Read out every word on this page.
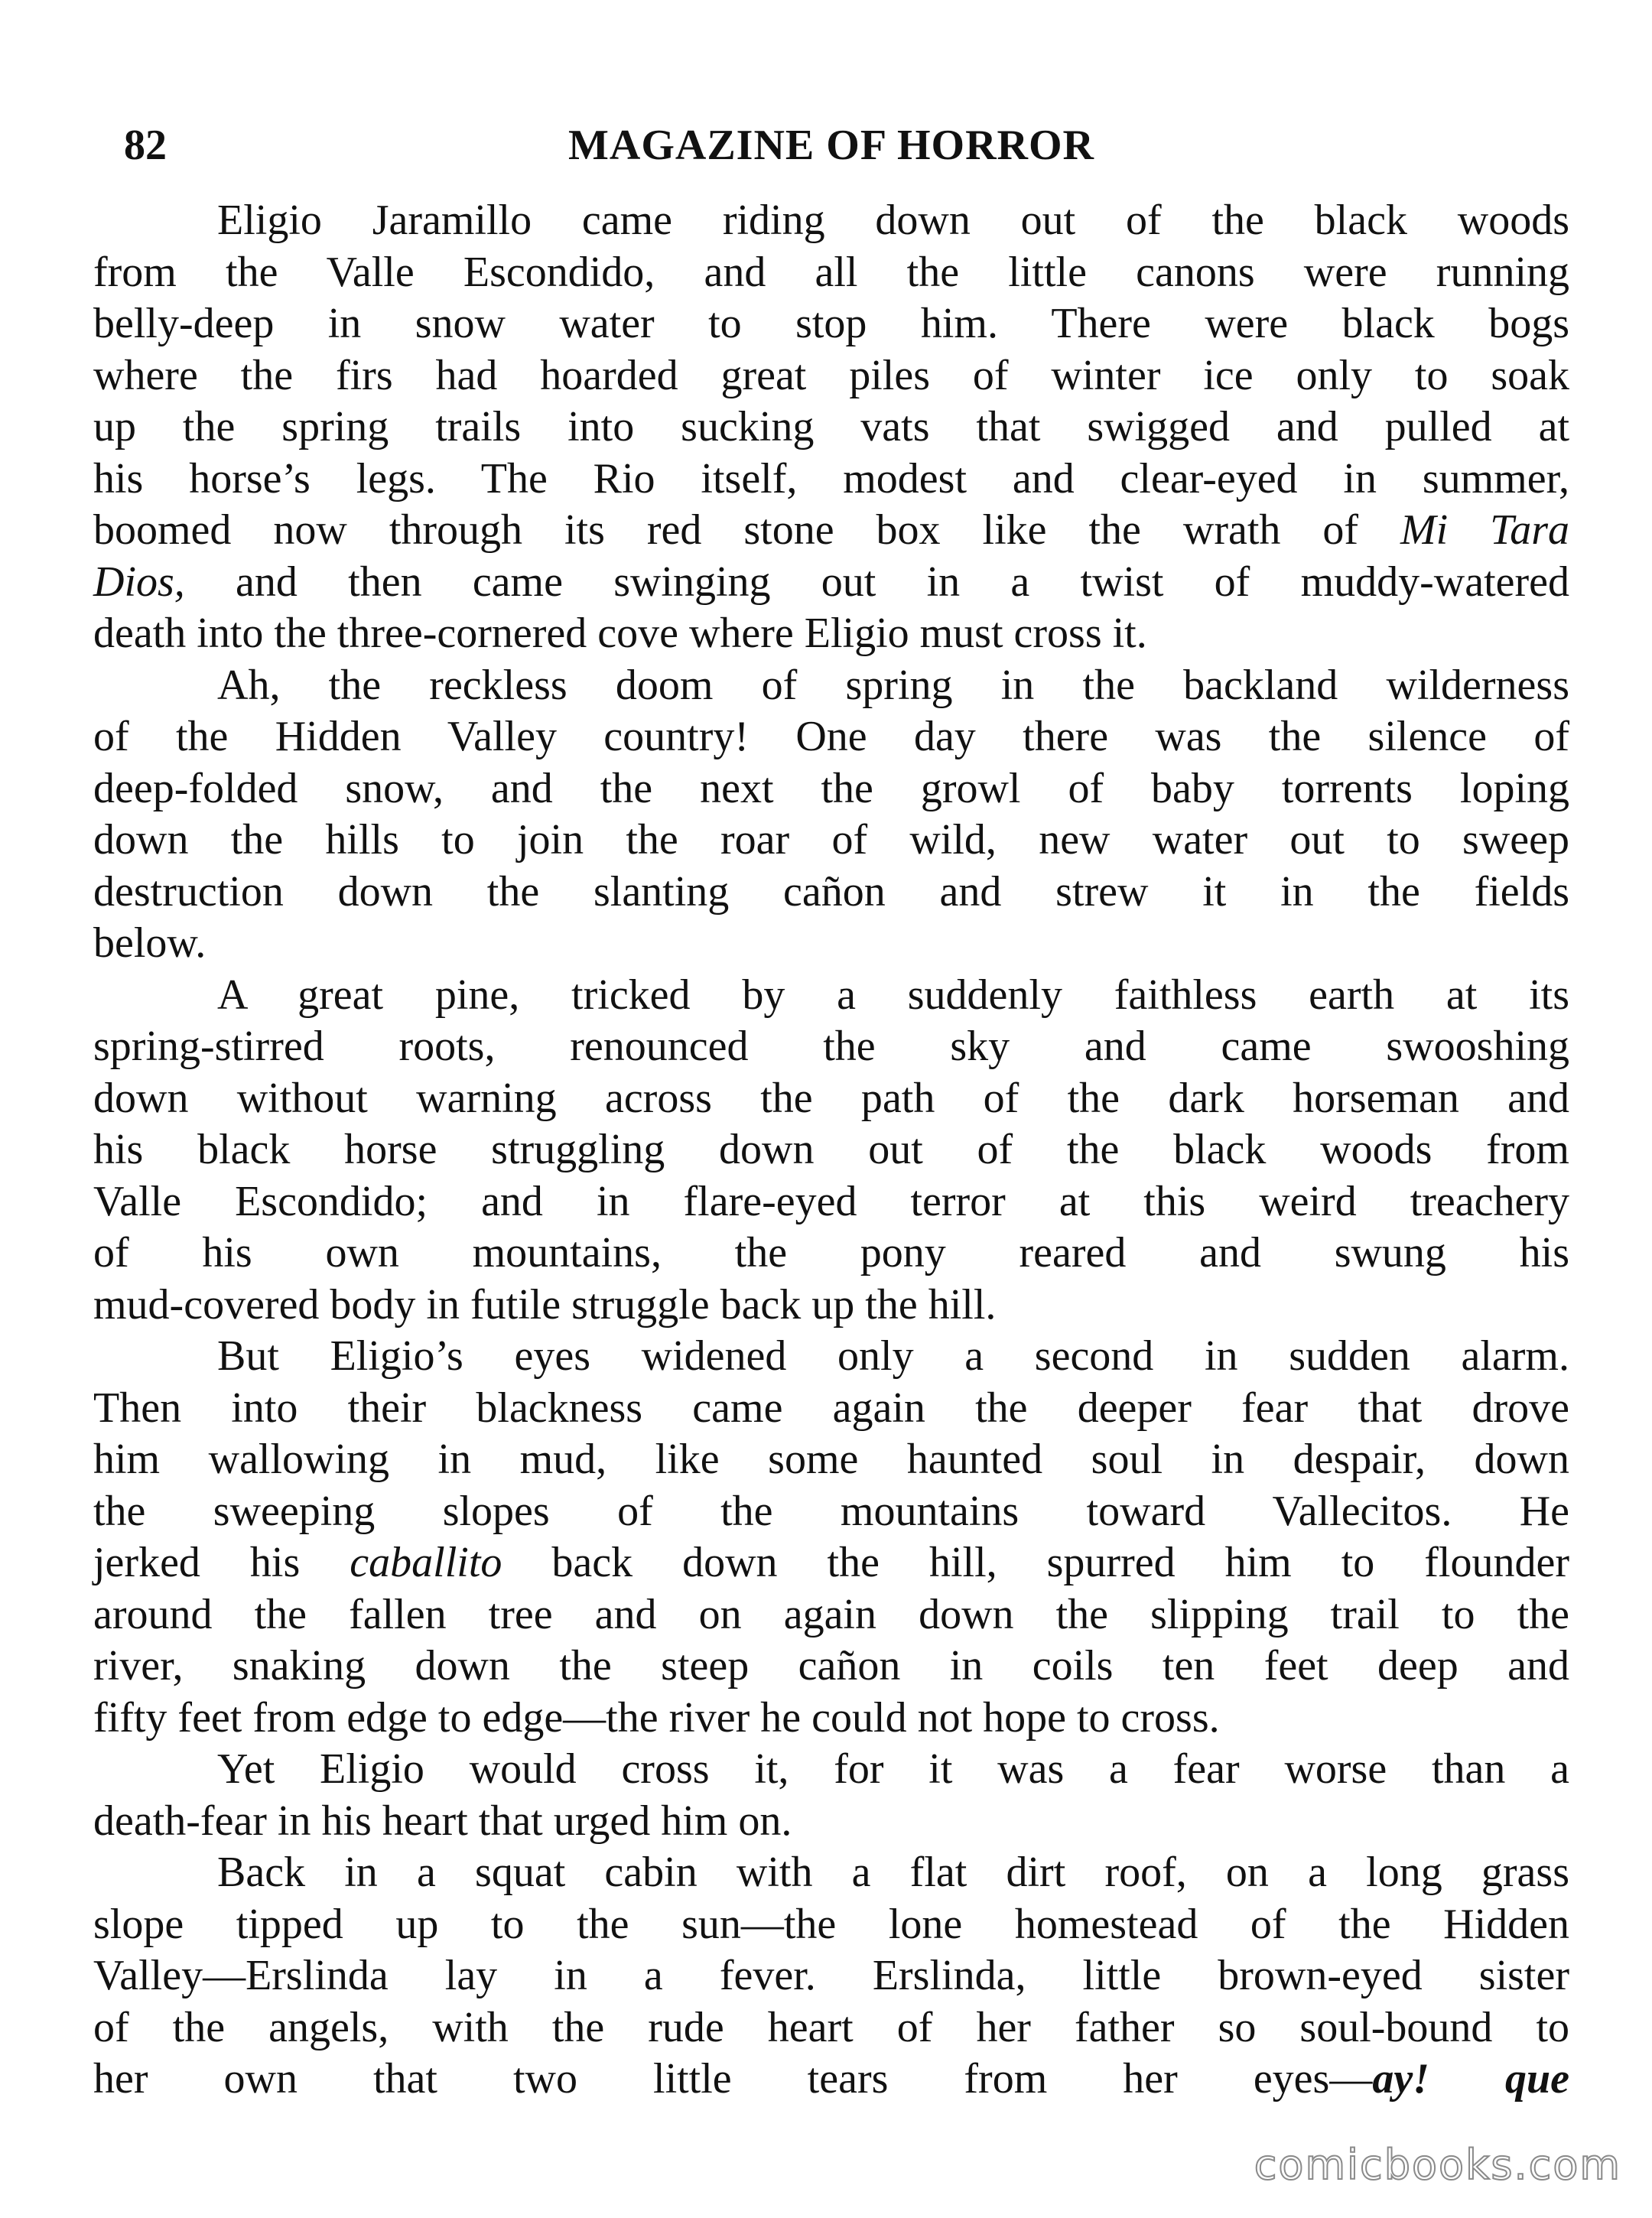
82	MAGAZINE OF HORROR

Eligio Jaramillo came riding down out of the black woods
from the Valle Escondido, and all the little canons were running
belly-deep in snow water to stop him. There were black bogs
where the firs had hoarded great piles of winter ice only to soak
up the spring trails into sucking vats that swigged and pulled at
his horse’s legs. The Rio itself, modest and clear-eyed in summer,
boomed now through its red stone box like the wrath of Mi Tara
Dios, and then came swinging out in a twist of muddy-watered
death into the three-cornered cove where Eligio must cross it.

Ah, the reckless doom of spring in the backland wilderness
of the Hidden Valley country! One day there was the silence of
deep-folded snow, and the next the growl of baby torrents loping
down the hills to join the roar of wild, new water out to sweep
destruction down the slanting cañon and strew it in the fields
below.

A great pine, tricked by a suddenly faithless earth at its
spring-stirred roots, renounced the sky and came swooshing
down without warning across the path of the dark horseman and
his black horse struggling down out of the black woods from
Valle Escondido; and in flare-eyed terror at this weird treachery
of his own mountains, the pony reared and swung his
mud-covered body in futile struggle back up the hill.

But Eligio’s eyes widened only a second in sudden alarm.
Then into their blackness came again the deeper fear that drove
him wallowing in mud, like some haunted soul in despair, down
the sweeping slopes of the mountains toward Vallecitos. He
jerked his caballito back down the hill, spurred him to flounder
around the fallen tree and on again down the slipping trail to the
river, snaking down the steep cañon in coils ten feet deep and
fifty feet from edge to edge—the river he could not hope to cross.

Yet Eligio would cross it, for it was a fear worse than a
death-fear in his heart that urged him on.

Back in a squat cabin with a flat dirt roof, on a long grass
slope tipped up to the sun—the lone homestead of the Hidden
Valley—Erslinda lay in a fever. Erslinda, little brown-eyed sister
of the angels, with the rude heart of her father so soul-bound to
her own that two little tears from her eyes—ay! que

comicbooks.com
